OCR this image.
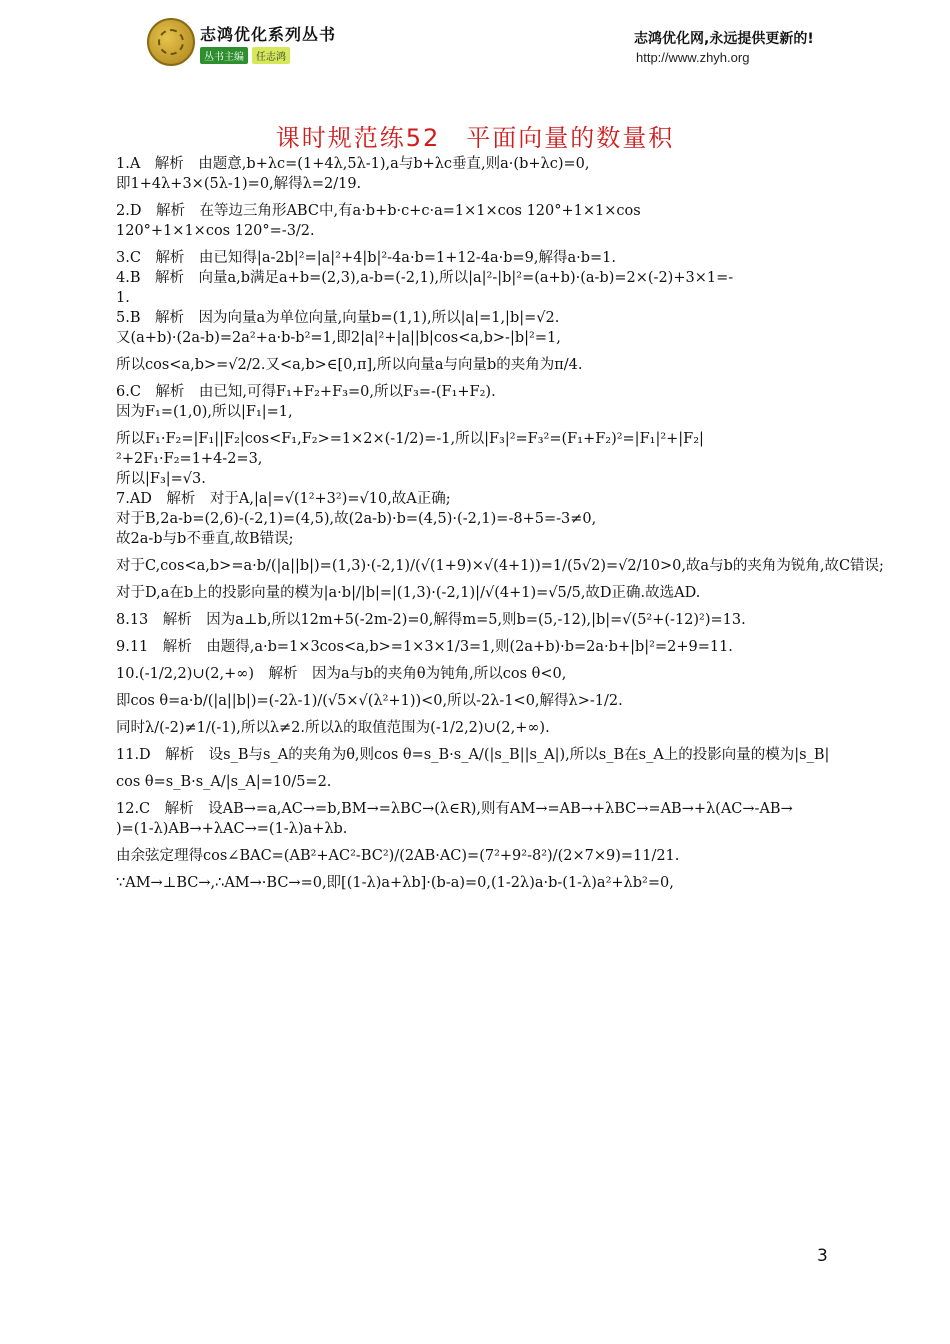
志鸿优化系列丛书
丛书主编 任志鸿
志鸿优化网,永远提供更新的!
http://www.zhyh.org
课时规范练52　平面向量的数量积

1.A　解析　由题意,b+λc=(1+4λ,5λ-1),a与b+λc垂直,则a·(b+λc)=0,

即1+4λ+3×(5λ-1)=0,解得λ=2/19.

2.D　解析　在等边三角形ABC中,有a·b+b·c+c·a=1×1×cos 120°+1×1×cos

120°+1×1×cos 120°=-3/2.

3.C　解析　由已知得|a-2b|²=|a|²+4|b|²-4a·b=1+12-4a·b=9,解得a·b=1.

4.B　解析　向量a,b满足a+b=(2,3),a-b=(-2,1),所以|a|²-|b|²=(a+b)·(a-b)=2×(-2)+3×1=-

1.

5.B　解析　因为向量a为单位向量,向量b=(1,1),所以|a|=1,|b|=√2.

又(a+b)·(2a-b)=2a²+a·b-b²=1,即2|a|²+|a||b|cos<a,b>-|b|²=1,

所以cos<a,b>=√2/2.又<a,b>∈[0,π],所以向量a与向量b的夹角为π/4.

6.C　解析　由已知,可得F₁+F₂+F₃=0,所以F₃=-(F₁+F₂).

因为F₁=(1,0),所以|F₁|=1,

所以F₁·F₂=|F₁||F₂|cos<F₁,F₂>=1×2×(-1/2)=-1,所以|F₃|²=F₃²=(F₁+F₂)²=|F₁|²+|F₂|

²+2F₁·F₂=1+4-2=3,

所以|F₃|=√3.

7.AD　解析　对于A,|a|=√(1²+3²)=√10,故A正确;

对于B,2a-b=(2,6)-(-2,1)=(4,5),故(2a-b)·b=(4,5)·(-2,1)=-8+5=-3≠0,

故2a-b与b不垂直,故B错误;

对于C,cos<a,b>=a·b/(|a||b|)=(1,3)·(-2,1)/(√(1+9)×√(4+1))=1/(5√2)=√2/10>0,故a与b的夹角为锐角,故C错误;

对于D,a在b上的投影向量的模为|a·b|/|b|=|(1,3)·(-2,1)|/√(4+1)=√5/5,故D正确.故选AD.

8.13　解析　因为a⊥b,所以12m+5(-2m-2)=0,解得m=5,则b=(5,-12),|b|=√(5²+(-12)²)=13.

9.11　解析　由题得,a·b=1×3cos<a,b>=1×3×1/3=1,则(2a+b)·b=2a·b+|b|²=2+9=11.

10.(-1/2,2)∪(2,+∞)　解析　因为a与b的夹角θ为钝角,所以cos θ<0,

即cos θ=a·b/(|a||b|)=(-2λ-1)/(√5×√(λ²+1))<0,所以-2λ-1<0,解得λ>-1/2.

同时λ/(-2)≠1/(-1),所以λ≠2.所以λ的取值范围为(-1/2,2)∪(2,+∞).

11.D　解析　设s_B与s_A的夹角为θ,则cos θ=s_B·s_A/(|s_B||s_A|),所以s_B在s_A上的投影向量的模为|s_B|

cos θ=s_B·s_A/|s_A|=10/5=2.

12.C　解析　设AB→=a,AC→=b,BM→=λBC→(λ∈R),则有AM→=AB→+λBC→=AB→+λ(AC→-AB→

)=(1-λ)AB→+λAC→=(1-λ)a+λb.

由余弦定理得cos∠BAC=(AB²+AC²-BC²)/(2AB·AC)=(7²+9²-8²)/(2×7×9)=11/21.

∵AM→⊥BC→,∴AM→·BC→=0,即[(1-λ)a+λb]·(b-a)=0,(1-2λ)a·b-(1-λ)a²+λb²=0,

3
